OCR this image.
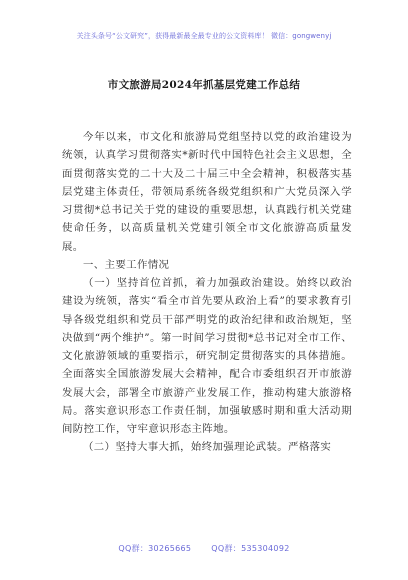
关注头条号“公文研究”，获得最新最全最专业的公文资料库！ 微信：gongwenyj
市文旅游局2024年抓基层党建工作总结

今年以来，市文化和旅游局党组坚持以党的政治建设为统领，认真学习贯彻落实*新时代中国特色社会主义思想，全面贯彻落实党的二十大及二十届三中全会精神，积极落实基层党建主体责任，带领局系统各级党组织和广大党员深入学习贯彻*总书记关于党的建设的重要思想，认真践行机关党建使命任务，以高质量机关党建引领全市文化旅游高质量发展。

一、主要工作情况

（一）坚持首位首抓，着力加强政治建设。始终以政治建设为统领，落实“看全市首先要从政治上看”的要求教育引导各级党组织和党员干部严明党的政治纪律和政治规矩，坚决做到“两个维护”。第一时间学习贯彻*总书记对全市工作、文化旅游领域的重要指示，研究制定贯彻落实的具体措施。全面落实全国旅游发展大会精神，配合市委组织召开市旅游发展大会，部署全市旅游产业发展工作，推动构建大旅游格局。落实意识形态工作责任制，加强敏感时期和重大活动期间防控工作，守牢意识形态主阵地。

（二）坚持大事大抓，始终加强理论武装。严格落实

QQ群：30265665	QQ群：535304092
